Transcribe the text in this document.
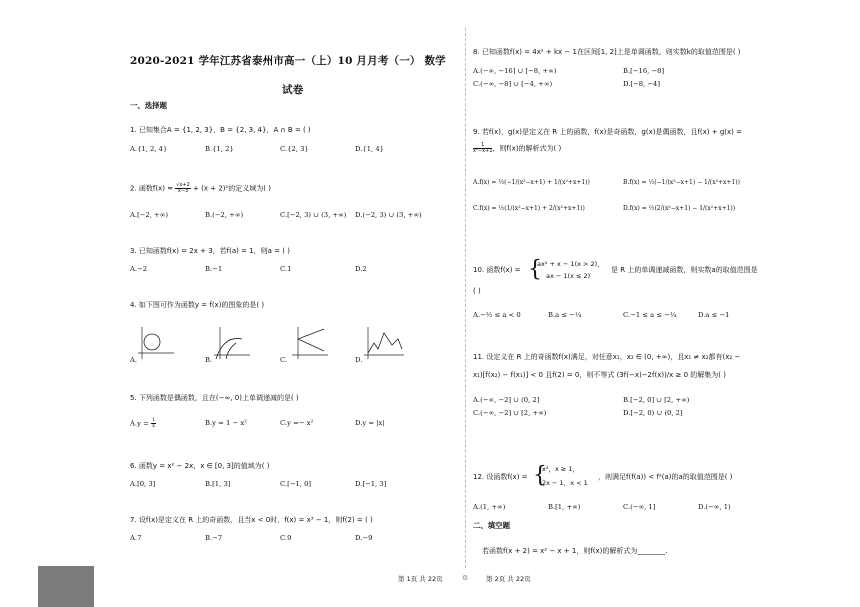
2020-2021 学年江苏省泰州市高一（上）10 月月考（一） 数学
试卷
一、选择题
1. 已知集合A = {1, 2, 3}，B = {2, 3, 4}，A ∩ B = ( )
A.{1, 2, 4}	B.{1, 2}	C.{2, 3}	D.{1, 4}
2. 函数$f(x) = \frac{√x+2}{x-3} + (x + 2)^0$的定义域为( )
A.[−2, +∞)	B.(−2, +∞)	C.[−2, 3) ∪ (3, +∞) D.(−2, 3) ∪ (3, +∞)
3. 已知函数f(x) = 2x + 3，若f(a) = 1，则a = ( )
A.−2	B.−1	C.1	D.2
4. 如下图可作为函数y = f(x)的图象的是( )
A.	B.	C.	D.
5. 下列函数是偶函数，且在(−∞, 0)上单调递减的是( )
$A.y = \frac{1}{x}$	B.y = 1 − x²	C.y =− x²	D.y = |x|
6. 函数y = x² − 2x，x ∈ [0, 3]的值域为( )
A.[0, 3]	B.[1, 3]	C.[−1, 0]	D.[−1, 3]
7. 设f(x)是定义在 R 上的奇函数，且当x < 0时，f(x) = x³ − 1，则f(2) = ( )
A.7	B.−7	C.9	D.−9
第 1页 共 22页	⚙
8. 已知函数f(x) = 4x² + kx − 1在区间[1, 2]上是单调函数，则实数k的取值范围是( )
A.(−∞, −16] ∪ [−8, +∞)	B.[−16, −8]
C.(−∞, −8] ∪ [−4, +∞)	D.[−8, −4]
9. 若f(x)，g(x)是定义在 R 上的函数，f(x)是奇函数，g(x)是偶函数，且f(x) + g(x) =
$\frac{1}{\text{x²−x+1}}$ ，则f(x)的解析式为( )
A.f(x) = ½(−1/(x²−x+1) + 1/(x²+x+1))	B.f(x) = ½(−1/(x²−x+1) − 1/(x²+x+1))
C.f(x) = ½(1/(x²−x+1) + 2/(x²+x+1))	D.f(x) = ½(2/(x²−x+1) − 1/(x²+x+1))
10. 函数f(x) = {
ax² + x − 1(x > 2)，
ax − 1(x ≤ 2)
是 R 上的单调递减函数，则实数a的取值范围是
( )
A.−½ ≤ a < 0	B.a ≤ −¼	C.−1 ≤ a ≤ −¼	D.a ≤ −1
11. 设定义在 R 上的奇函数f(x)满足，对任意x₁，x₂ ∈ (0, +∞)，且x₁ ≠ x₂都有(x₂ −
x₁)[f(x₂) − f(x₁)] < 0 且f(2) = 0，则不等式 (3f(−x)−2f(x))/x ≥ 0 的解集为( )
A.(−∞, −2] ∪ (0, 2]	B.[−2, 0] ∪ [2, +∞)
C.(−∞, −2] ∪ [2, +∞)	D.[−2, 0) ∪ (0, 2]
12. 设函数f(x) = {
x²，x ≥ 1，
2x − 1，x < 1
，则满足f(f(a)) < f²(a)的a的取值范围是( )
A.(1, +∞)	B.[1, +∞)	C.(−∞, 1]	D.(−∞, 1)
二、填空题
若函数f(x + 2) = x² − x + 1，则f(x)的解析式为________.
第 2页 共 22页
